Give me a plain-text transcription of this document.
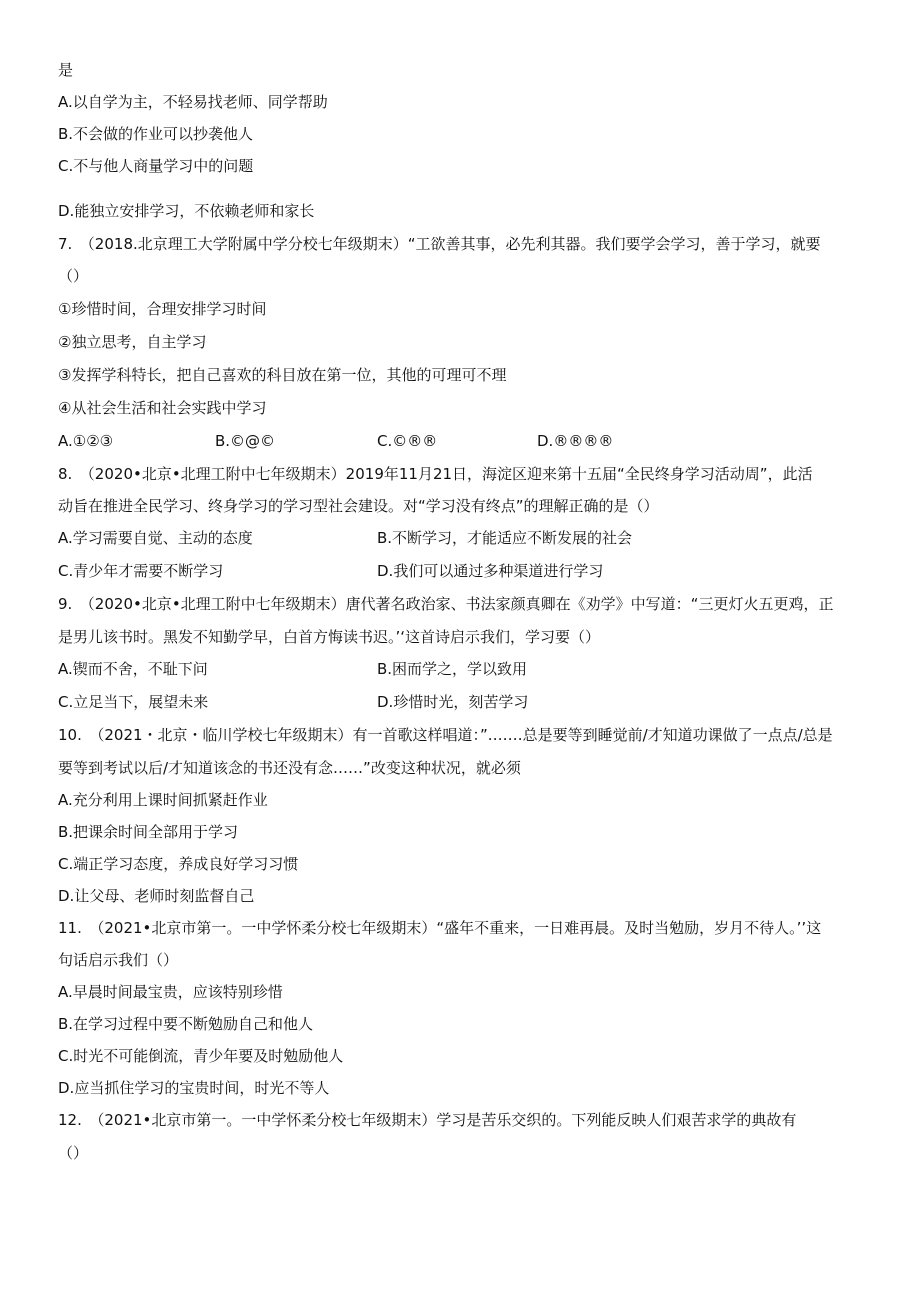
是
A.以自学为主，不轻易找老师、同学帮助
B.不会做的作业可以抄袭他人
C.不与他人商量学习中的问题
D.能独立安排学习，不依赖老师和家长
7.　（2018.北京理工大学附属中学分校七年级期末）“工欲善其事，必先利其器。我们要学会学习，善于学习，就要
（）
①珍惜时间，合理安排学习时间
②独立思考，自主学习
③发挥学科特长，把自己喜欢的科目放在第一位，其他的可理可不理
④从社会生活和社会实践中学习
A.①②③	B.©@©	C.©®®	D.®®®®
8.　（2020•北京•北理工附中七年级期末）2019年11月21日，海淀区迎来第十五届“全民终身学习活动周”，此活
动旨在推进全民学习、终身学习的学习型社会建设。对“学习没有终点”的理解正确的是（）
A.学习需要自觉、主动的态度	B.不断学习，才能适应不断发展的社会
C.青少年才需要不断学习	D.我们可以通过多种渠道进行学习
9.　（2020•北京•北理工附中七年级期末）唐代著名政治家、书法家颜真卿在《劝学》中写道：“三更灯火五更鸡，正
是男儿该书时。黑发不知勤学早，白首方悔读书迟。’‘这首诗启示我们，学习要（）
A.锲而不舍，不耻下问	B.困而学之，学以致用
C.立足当下，展望未来	D.珍惜时光，刻苦学习
10.　（2021・北京・临川学校七年级期末）有一首歌这样唱道：”.……总是要等到睡觉前/才知道功课做了一点点/总是
要等到考试以后/才知道该念的书还没有念……”改变这种状况，就必须
A.充分利用上课时间抓紧赶作业
B.把课余时间全部用于学习
C.端正学习态度，养成良好学习习惯
D.让父母、老师时刻监督自己
11.　（2021•北京市第一。一中学怀柔分校七年级期末）“盛年不重来，一日难再晨。及时当勉励，岁月不待人。’’这
句话启示我们（）
A.早晨时间最宝贵，应该特别珍惜
B.在学习过程中要不断勉励自己和他人
C.时光不可能倒流，青少年要及时勉励他人
D.应当抓住学习的宝贵时间，时光不等人
12.　（2021•北京市第一。一中学怀柔分校七年级期末）学习是苦乐交织的。下列能反映人们艰苦求学的典故有
（）
